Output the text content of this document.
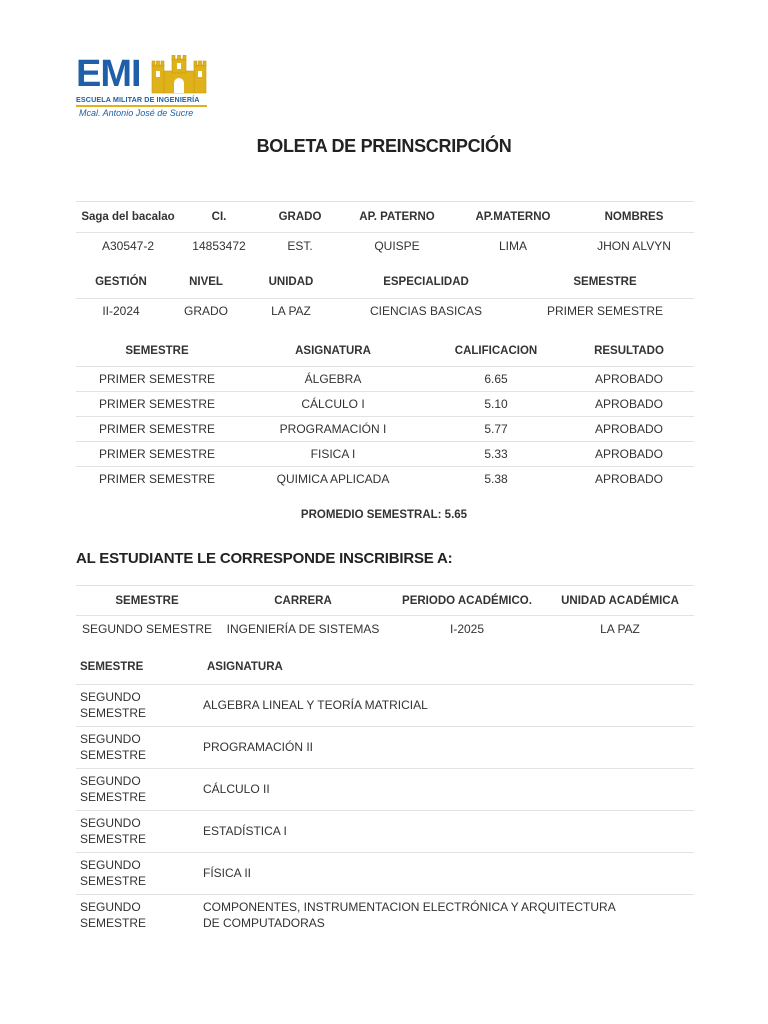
EMI
ESCUELA MILITAR DE INGENIERÍA
Mcal. Antonio José de Sucre
BOLETA DE PREINSCRIPCIÓN
Saga del bacalao	CI.	GRADO	AP. PATERNO	AP.MATERNO	NOMBRES
A30547-2	14853472	EST.	QUISPE	LIMA	JHON ALVYN
GESTIÓN	NIVEL	UNIDAD	ESPECIALIDAD	SEMESTRE
II-2024	GRADO	LA PAZ	CIENCIAS BASICAS	PRIMER SEMESTRE
SEMESTRE	ASIGNATURA	CALIFICACION	RESULTADO
PRIMER SEMESTRE	ÁLGEBRA	6.65	APROBADO
PRIMER SEMESTRE	CÁLCULO I	5.10	APROBADO
PRIMER SEMESTRE	PROGRAMACIÓN I	5.77	APROBADO
PRIMER SEMESTRE	FISICA I	5.33	APROBADO
PRIMER SEMESTRE	QUIMICA APLICADA	5.38	APROBADO
PROMEDIO SEMESTRAL: 5.65
AL ESTUDIANTE LE CORRESPONDE INSCRIBIRSE A:
SEMESTRE	CARRERA	PERIODO ACADÉMICO.	UNIDAD ACADÉMICA
SEGUNDO SEMESTRE	INGENIERÍA DE SISTEMAS	I-2025	LA PAZ
SEMESTRE	ASIGNATURA
SEGUNDO SEMESTRE	ALGEBRA LINEAL Y TEORÍA MATRICIAL
SEGUNDO SEMESTRE	PROGRAMACIÓN II
SEGUNDO SEMESTRE	CÁLCULO II
SEGUNDO SEMESTRE	ESTADÍSTICA I
SEGUNDO SEMESTRE	FÍSICA II
SEGUNDO SEMESTRE	COMPONENTES, INSTRUMENTACION ELECTRÓNICA Y ARQUITECTURA DE COMPUTADORAS
